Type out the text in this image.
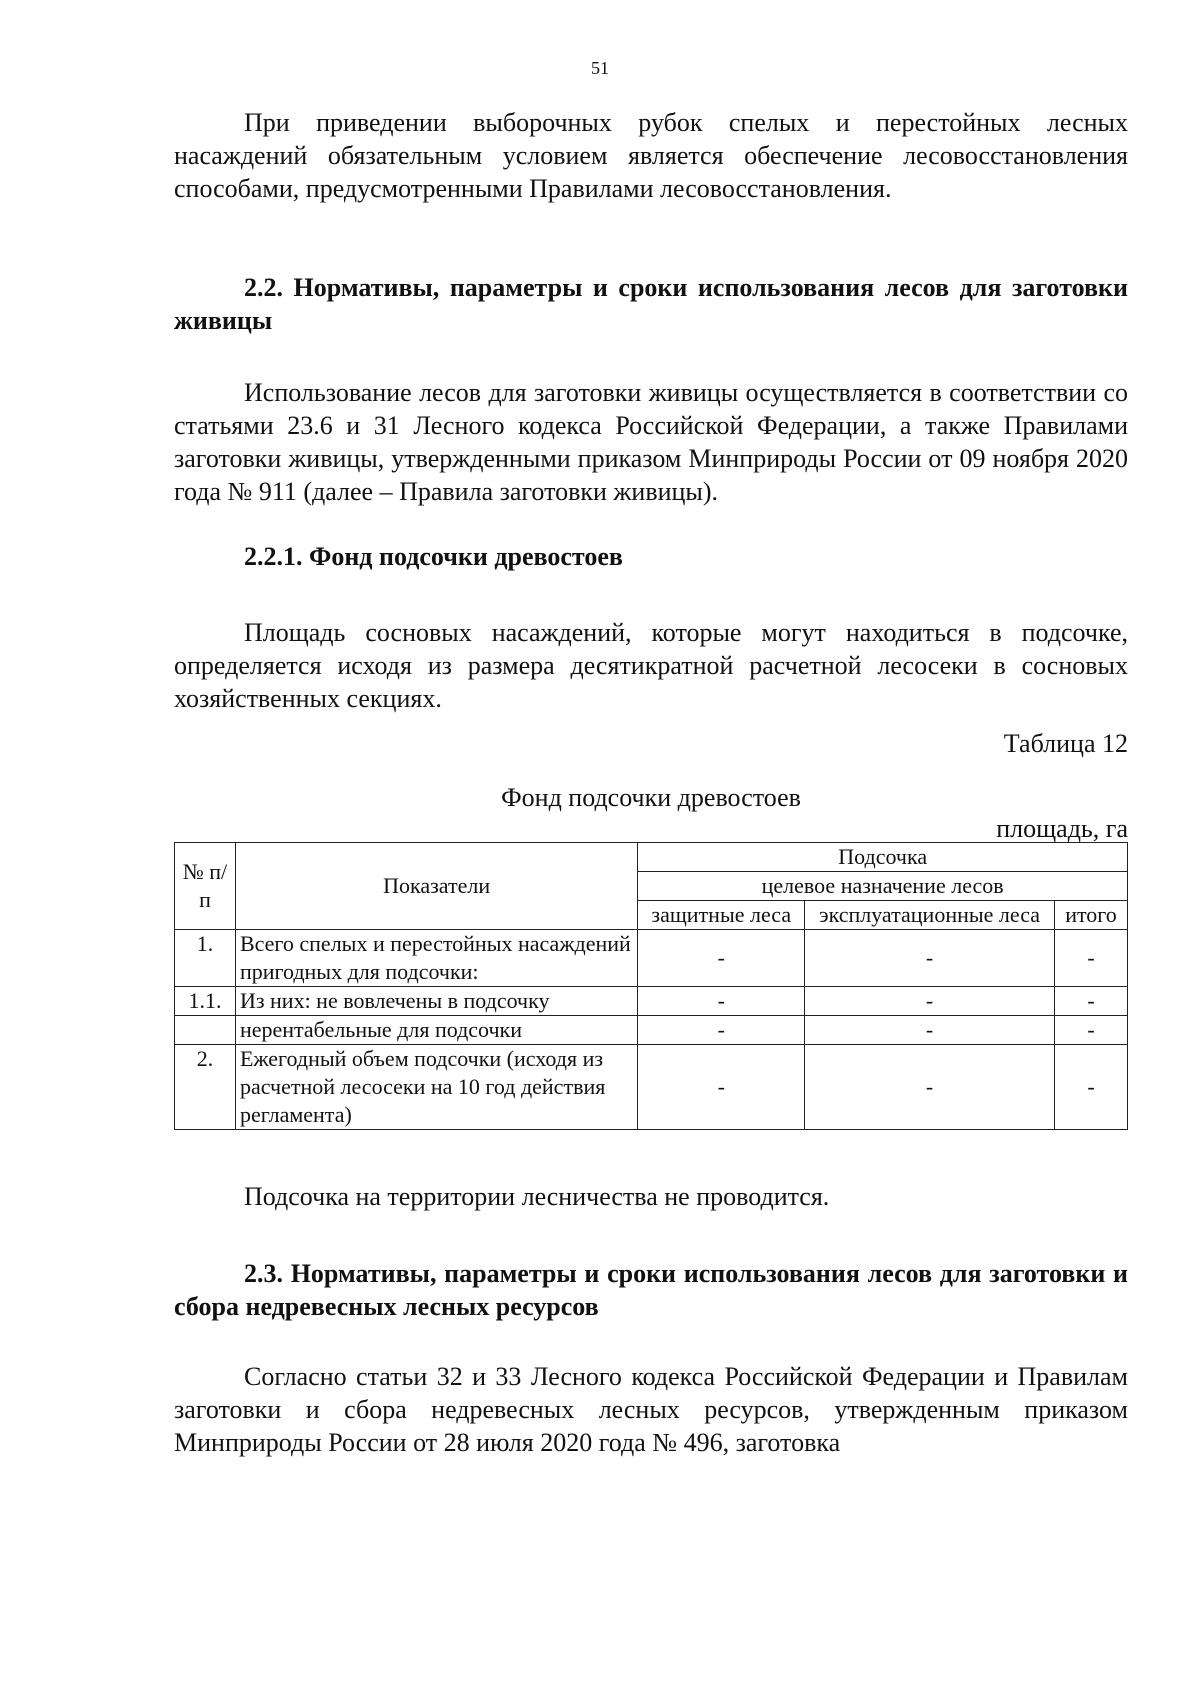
51

При приведении выборочных рубок спелых и перестойных лесных насаждений обязательным условием является обеспечение лесовосстановления способами, предусмотренными Правилами лесовосстановления.

2.2. Нормативы, параметры и сроки использования лесов для заготовки живицы

Использование лесов для заготовки живицы осуществляется в соответствии со статьями 23.6 и 31 Лесного кодекса Российской Федерации, а также Правилами заготовки живицы, утвержденными приказом Минприроды России от 09 ноября 2020 года № 911 (далее – Правила заготовки живицы).

2.2.1. Фонд подсочки древостоев

Площадь сосновых насаждений, которые могут находиться в подсочке, определяется исходя из размера десятикратной расчетной лесосеки в сосновых хозяйственных секциях.

Таблица 12

Фонд подсочки древостоев

площадь, га

№ п/п	Показатели	Подсочка		
		целевое назначение лесов		
		защитные леса	эксплуатационные леса	итого
1.	Всего спелых и перестойных насаждений пригодных для подсочки:	-	-	-
1.1.	Из них: не вовлечены в подсочку	-	-	-
	нерентабельные для подсочки	-	-	-
2.	Ежегодный объем подсочки (исходя из расчетной лесосеки на 10 год действия регламента)	-	-	-

Подсочка на территории лесничества не проводится.

2.3. Нормативы, параметры и сроки использования лесов для заготовки и сбора недревесных лесных ресурсов

Согласно статьи 32 и 33 Лесного кодекса Российской Федерации и Правилам заготовки и сбора недревесных лесных ресурсов, утвержденным приказом Минприроды России от 28 июля 2020 года № 496, заготовка
